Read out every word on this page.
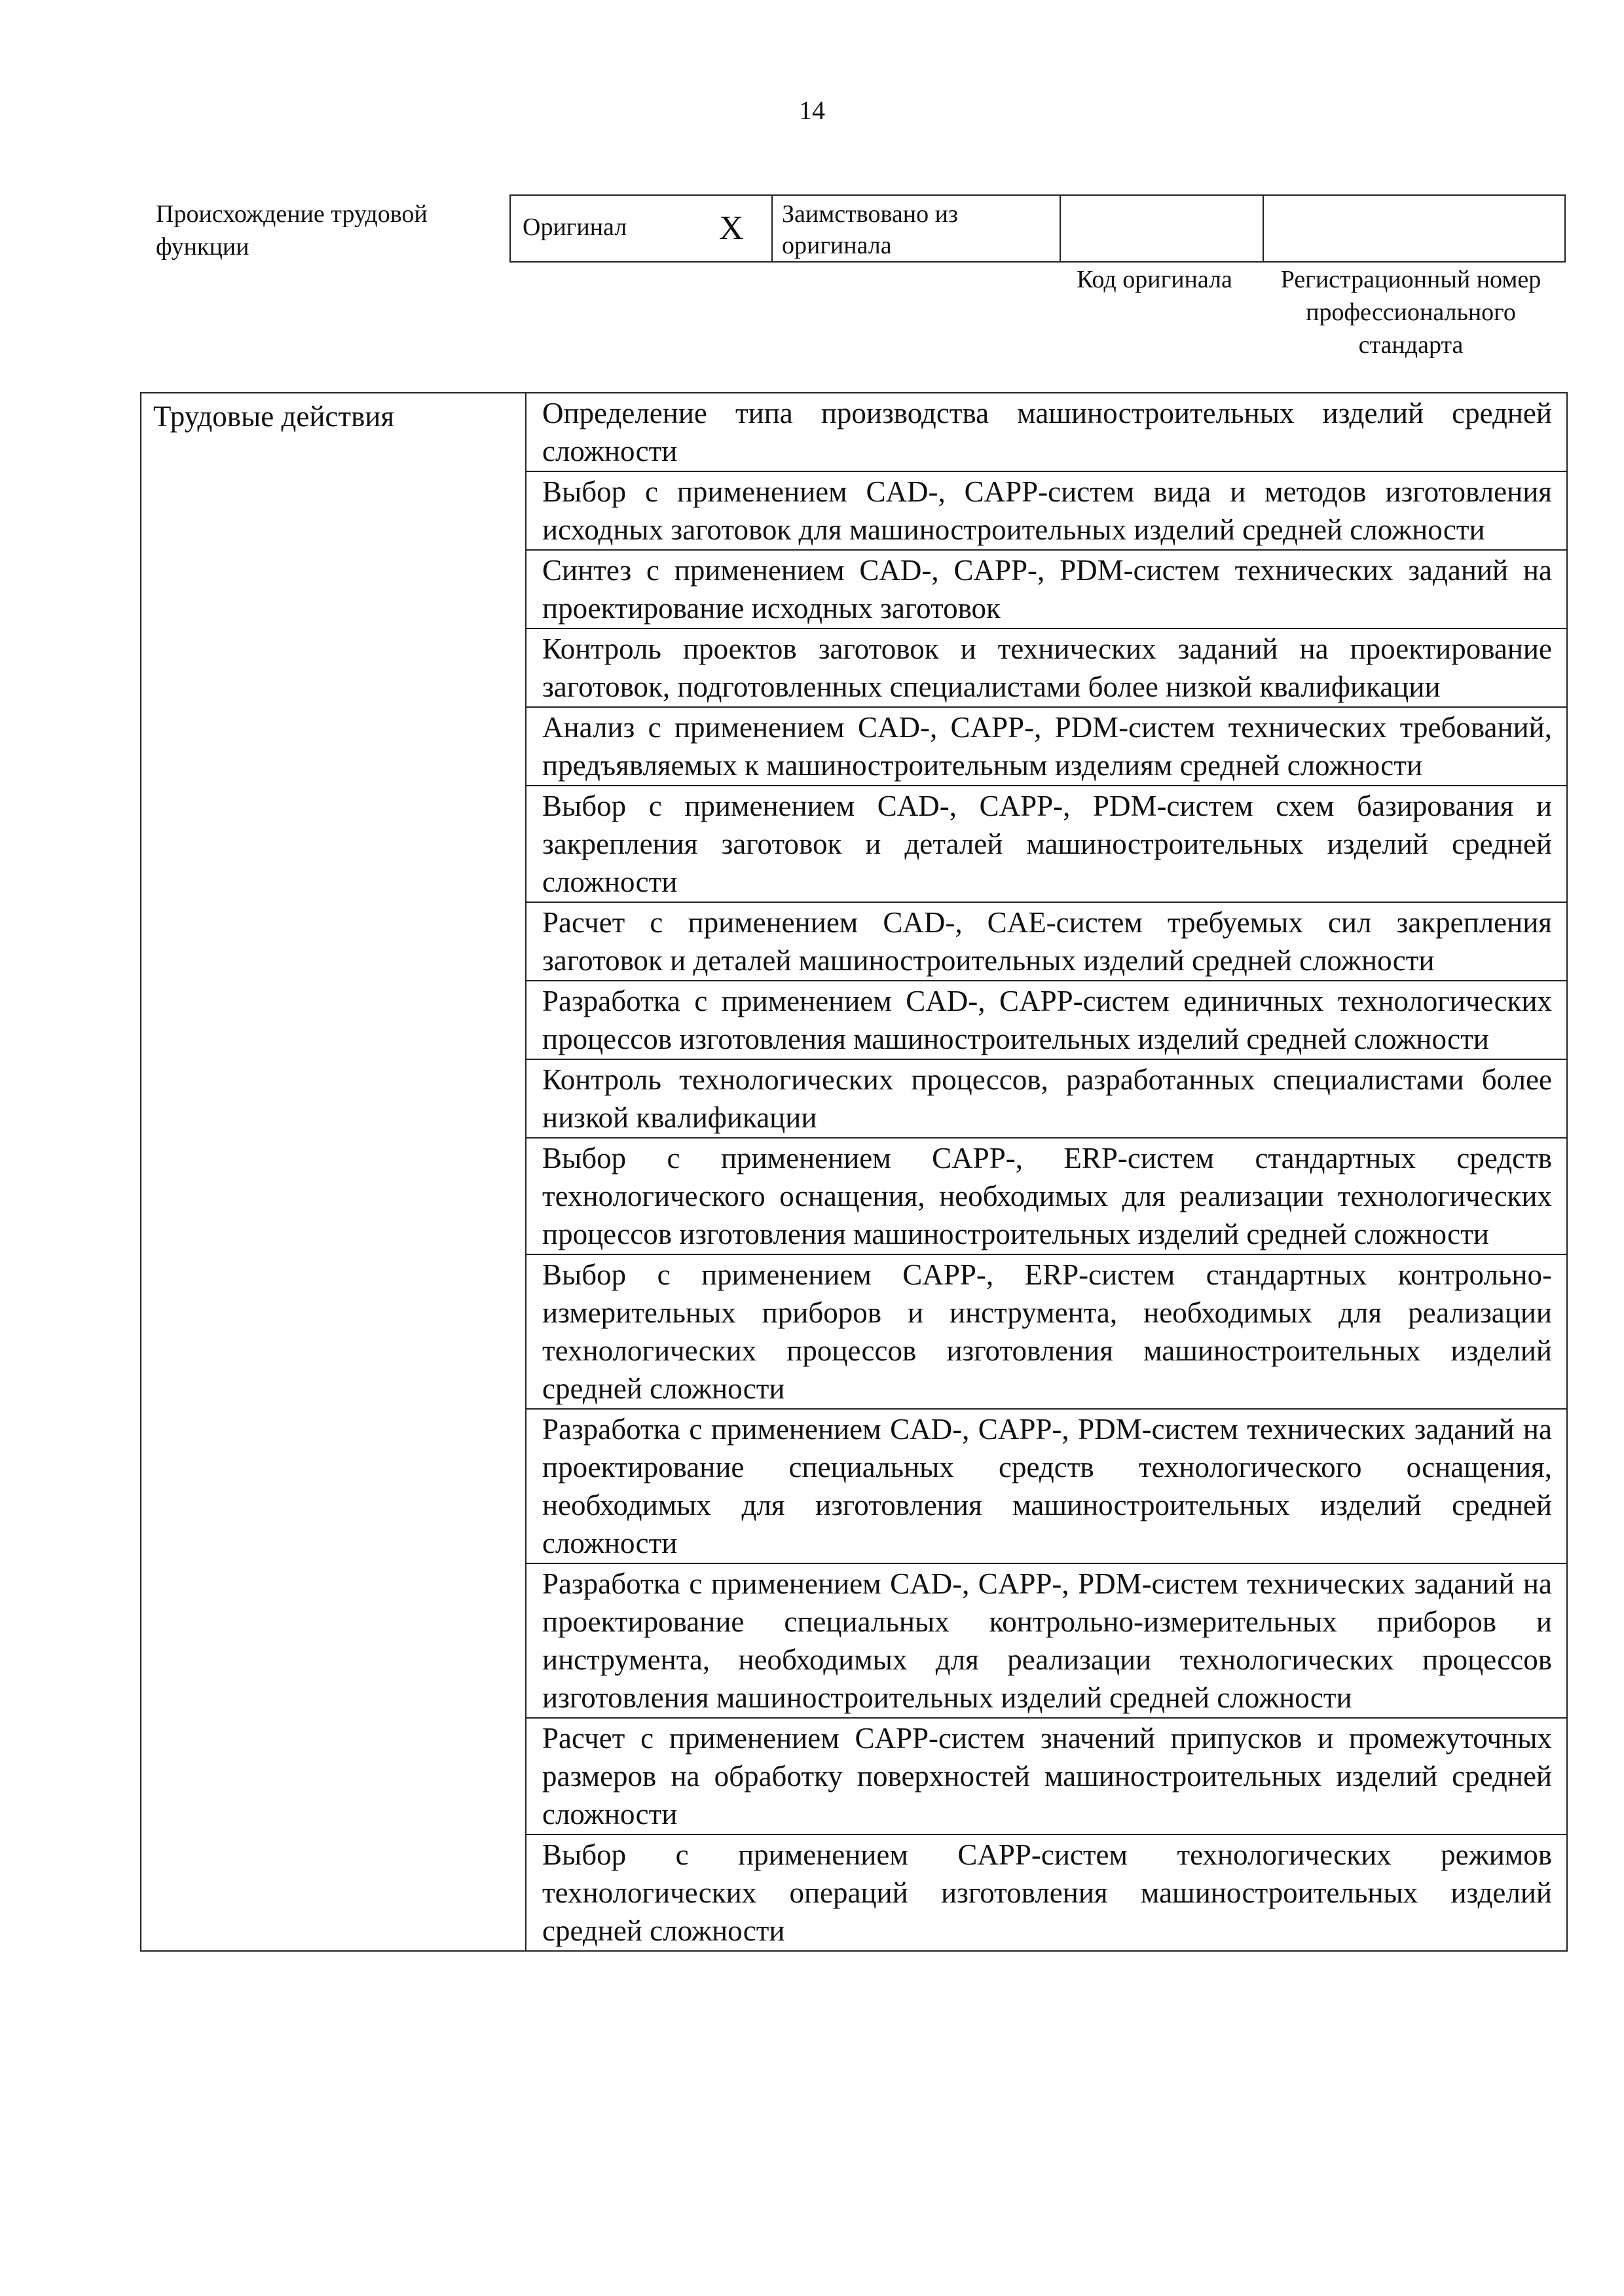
14
Происхождение трудовой функции
Оригинал	X Заимствовано из оригинала
Код оригинала	Регистрационный номер профессионального стандарта
Трудовые действия	Определение типа производства машиностроительных изделий средней сложности
Выбор с применением CAD-, CAPP-систем вида и методов изготовления исходных заготовок для машиностроительных изделий средней сложности
Синтез с применением CAD-, CAPP-, PDM-систем технических заданий на проектирование исходных заготовок
Контроль проектов заготовок и технических заданий на проектирование заготовок, подготовленных специалистами более низкой квалификации
Анализ с применением CAD-, CAPP-, PDM-систем технических требований, предъявляемых к машиностроительным изделиям средней сложности
Выбор с применением CAD-, CAPP-, PDM-систем схем базирования и закрепления заготовок и деталей машиностроительных изделий средней сложности
Расчет с применением CAD-, CAE-систем требуемых сил закрепления заготовок и деталей машиностроительных изделий средней сложности
Разработка с применением CAD-, CAPP-систем единичных технологических процессов изготовления машиностроительных изделий средней сложности
Контроль технологических процессов, разработанных специалистами более низкой квалификации
Выбор с применением CAPP-, ERP-систем стандартных средств технологического оснащения, необходимых для реализации технологических процессов изготовления машиностроительных изделий средней сложности
Выбор с применением CAPP-, ERP-систем стандартных контрольно-измерительных приборов и инструмента, необходимых для реализации технологических процессов изготовления машиностроительных изделий средней сложности
Разработка с применением CAD-, CAPP-, PDM-систем технических заданий на проектирование специальных средств технологического оснащения, необходимых для изготовления машиностроительных изделий средней сложности
Разработка с применением CAD-, CAPP-, PDM-систем технических заданий на проектирование специальных контрольно-измерительных приборов и инструмента, необходимых для реализации технологических процессов изготовления машиностроительных изделий средней сложности
Расчет с применением CAPP-систем значений припусков и промежуточных размеров на обработку поверхностей машиностроительных изделий средней сложности
Выбор с применением CAPP-систем технологических режимов технологических операций изготовления машиностроительных изделий средней сложности
